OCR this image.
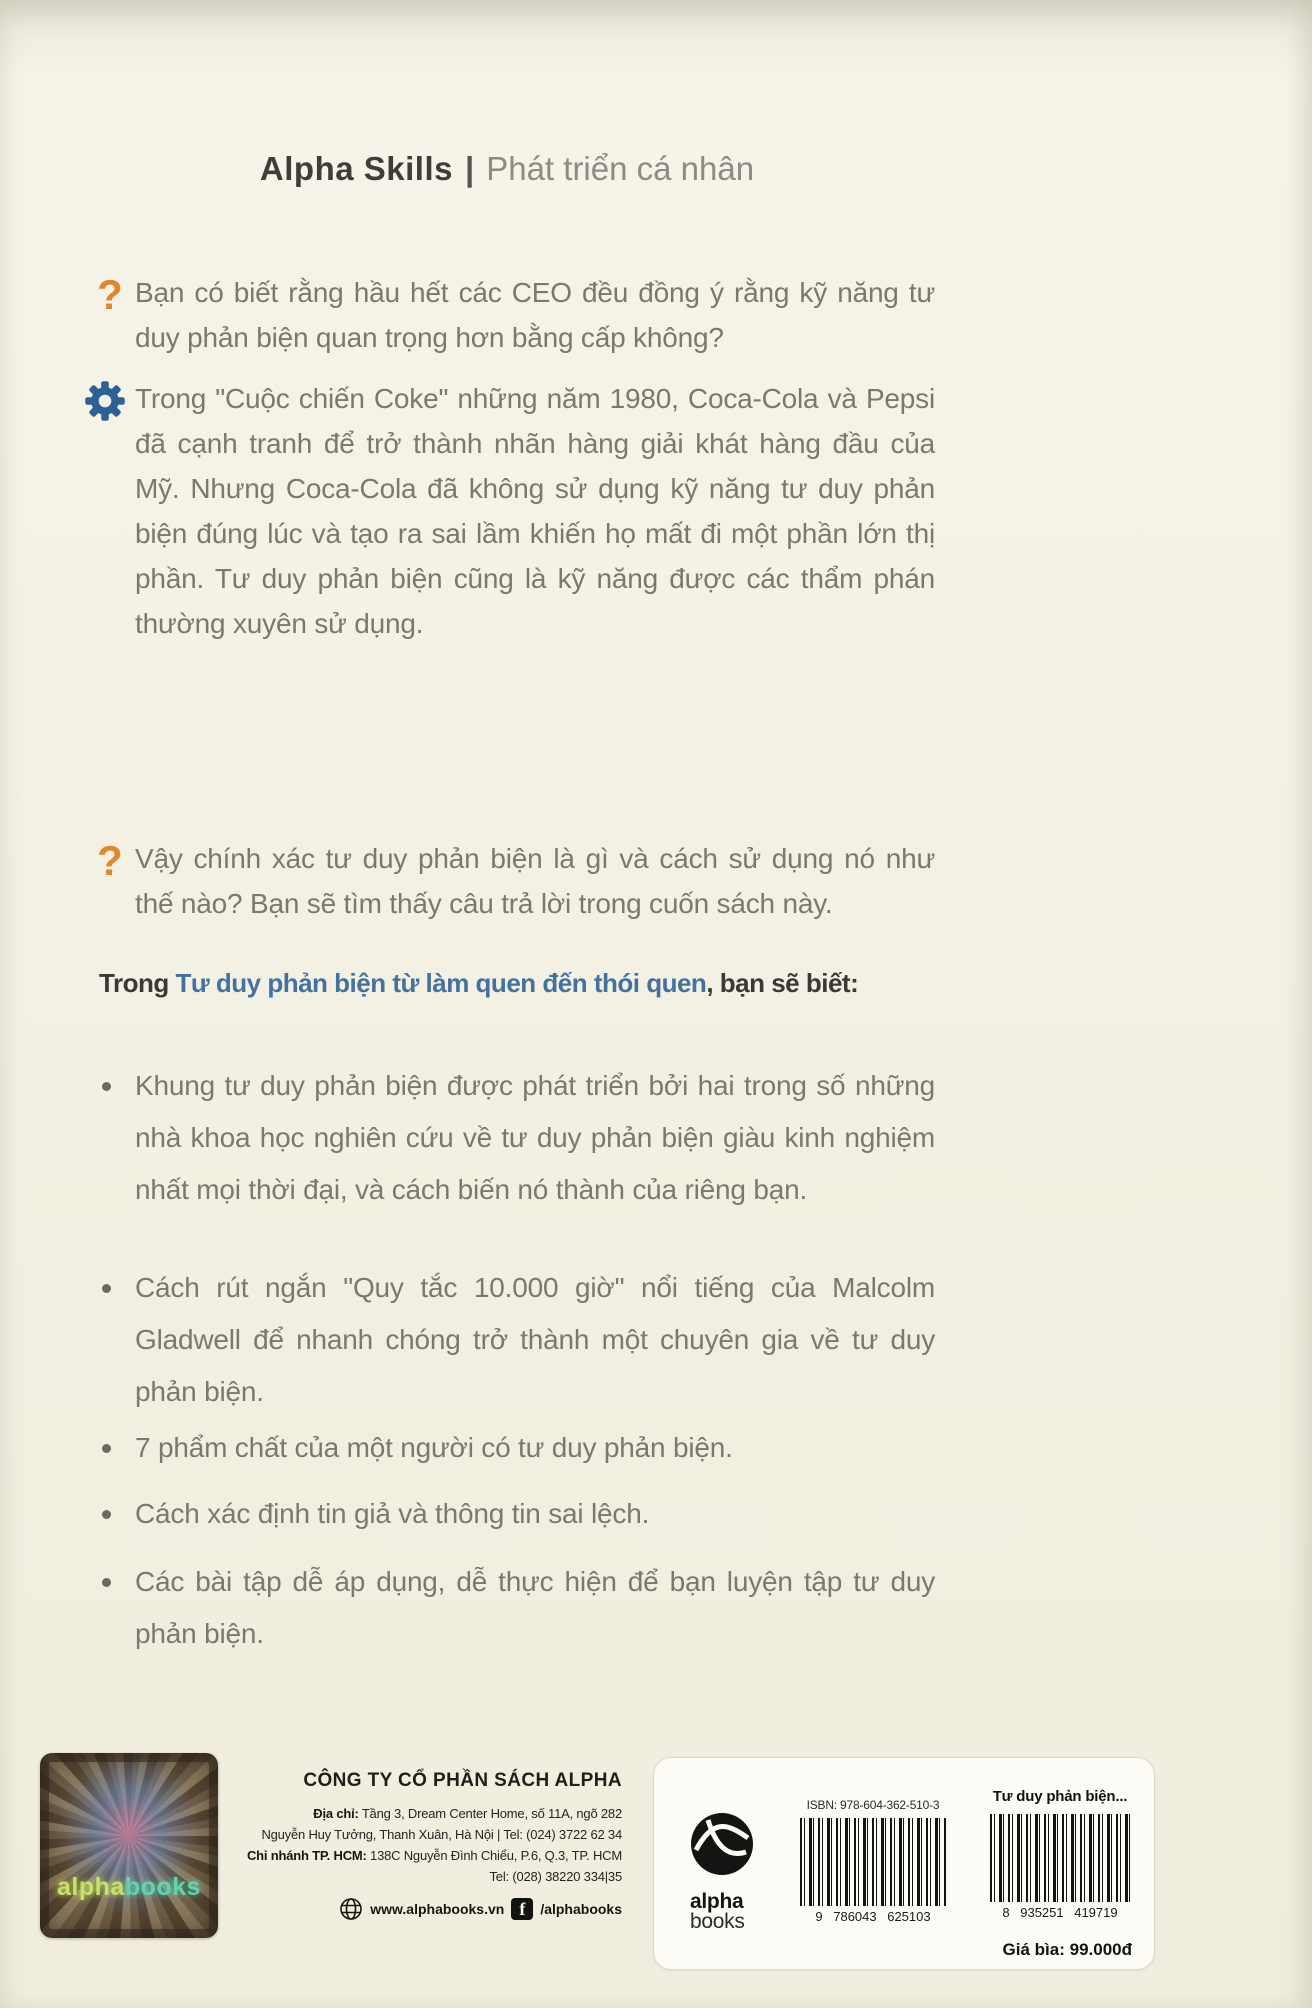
Alpha Skills | Phát triển cá nhân
? Bạn có biết rằng hầu hết các CEO đều đồng ý rằng kỹ năng tư duy phản biện quan trọng hơn bằng cấp không?
Trong "Cuộc chiến Coke" những năm 1980, Coca-Cola và Pepsi đã cạnh tranh để trở thành nhãn hàng giải khát hàng đầu của Mỹ. Nhưng Coca-Cola đã không sử dụng kỹ năng tư duy phản biện đúng lúc và tạo ra sai lầm khiến họ mất đi một phần lớn thị phần. Tư duy phản biện cũng là kỹ năng được các thẩm phán thường xuyên sử dụng.
? Vậy chính xác tư duy phản biện là gì và cách sử dụng nó như thế nào? Bạn sẽ tìm thấy câu trả lời trong cuốn sách này.
Trong Tư duy phản biện từ làm quen đến thói quen, bạn sẽ biết:
Khung tư duy phản biện được phát triển bởi hai trong số những nhà khoa học nghiên cứu về tư duy phản biện giàu kinh nghiệm nhất mọi thời đại, và cách biến nó thành của riêng bạn.
Cách rút ngắn "Quy tắc 10.000 giờ" nổi tiếng của Malcolm Gladwell để nhanh chóng trở thành một chuyên gia về tư duy phản biện.
7 phẩm chất của một người có tư duy phản biện.
Cách xác định tin giả và thông tin sai lệch.
Các bài tập dễ áp dụng, dễ thực hiện để bạn luyện tập tư duy phản biện.
alphabooks
CÔNG TY CỔ PHẦN SÁCH ALPHA
Địa chỉ: Tầng 3, Dream Center Home, số 11A, ngõ 282
Nguyễn Huy Tưởng, Thanh Xuân, Hà Nội | Tel: (024) 3722 62 34
Chi nhánh TP. HCM: 138C Nguyễn Đình Chiểu, P.6, Q.3, TP. HCM
Tel: (028) 38220 334|35
www.alphabooks.vn f	/alphabooks	alpha
books
ISBN: 978-604-362-510-3
9 786043 625103
Tư duy phản biện...
8 935251 419719
Giá bìa: 99.000đ
